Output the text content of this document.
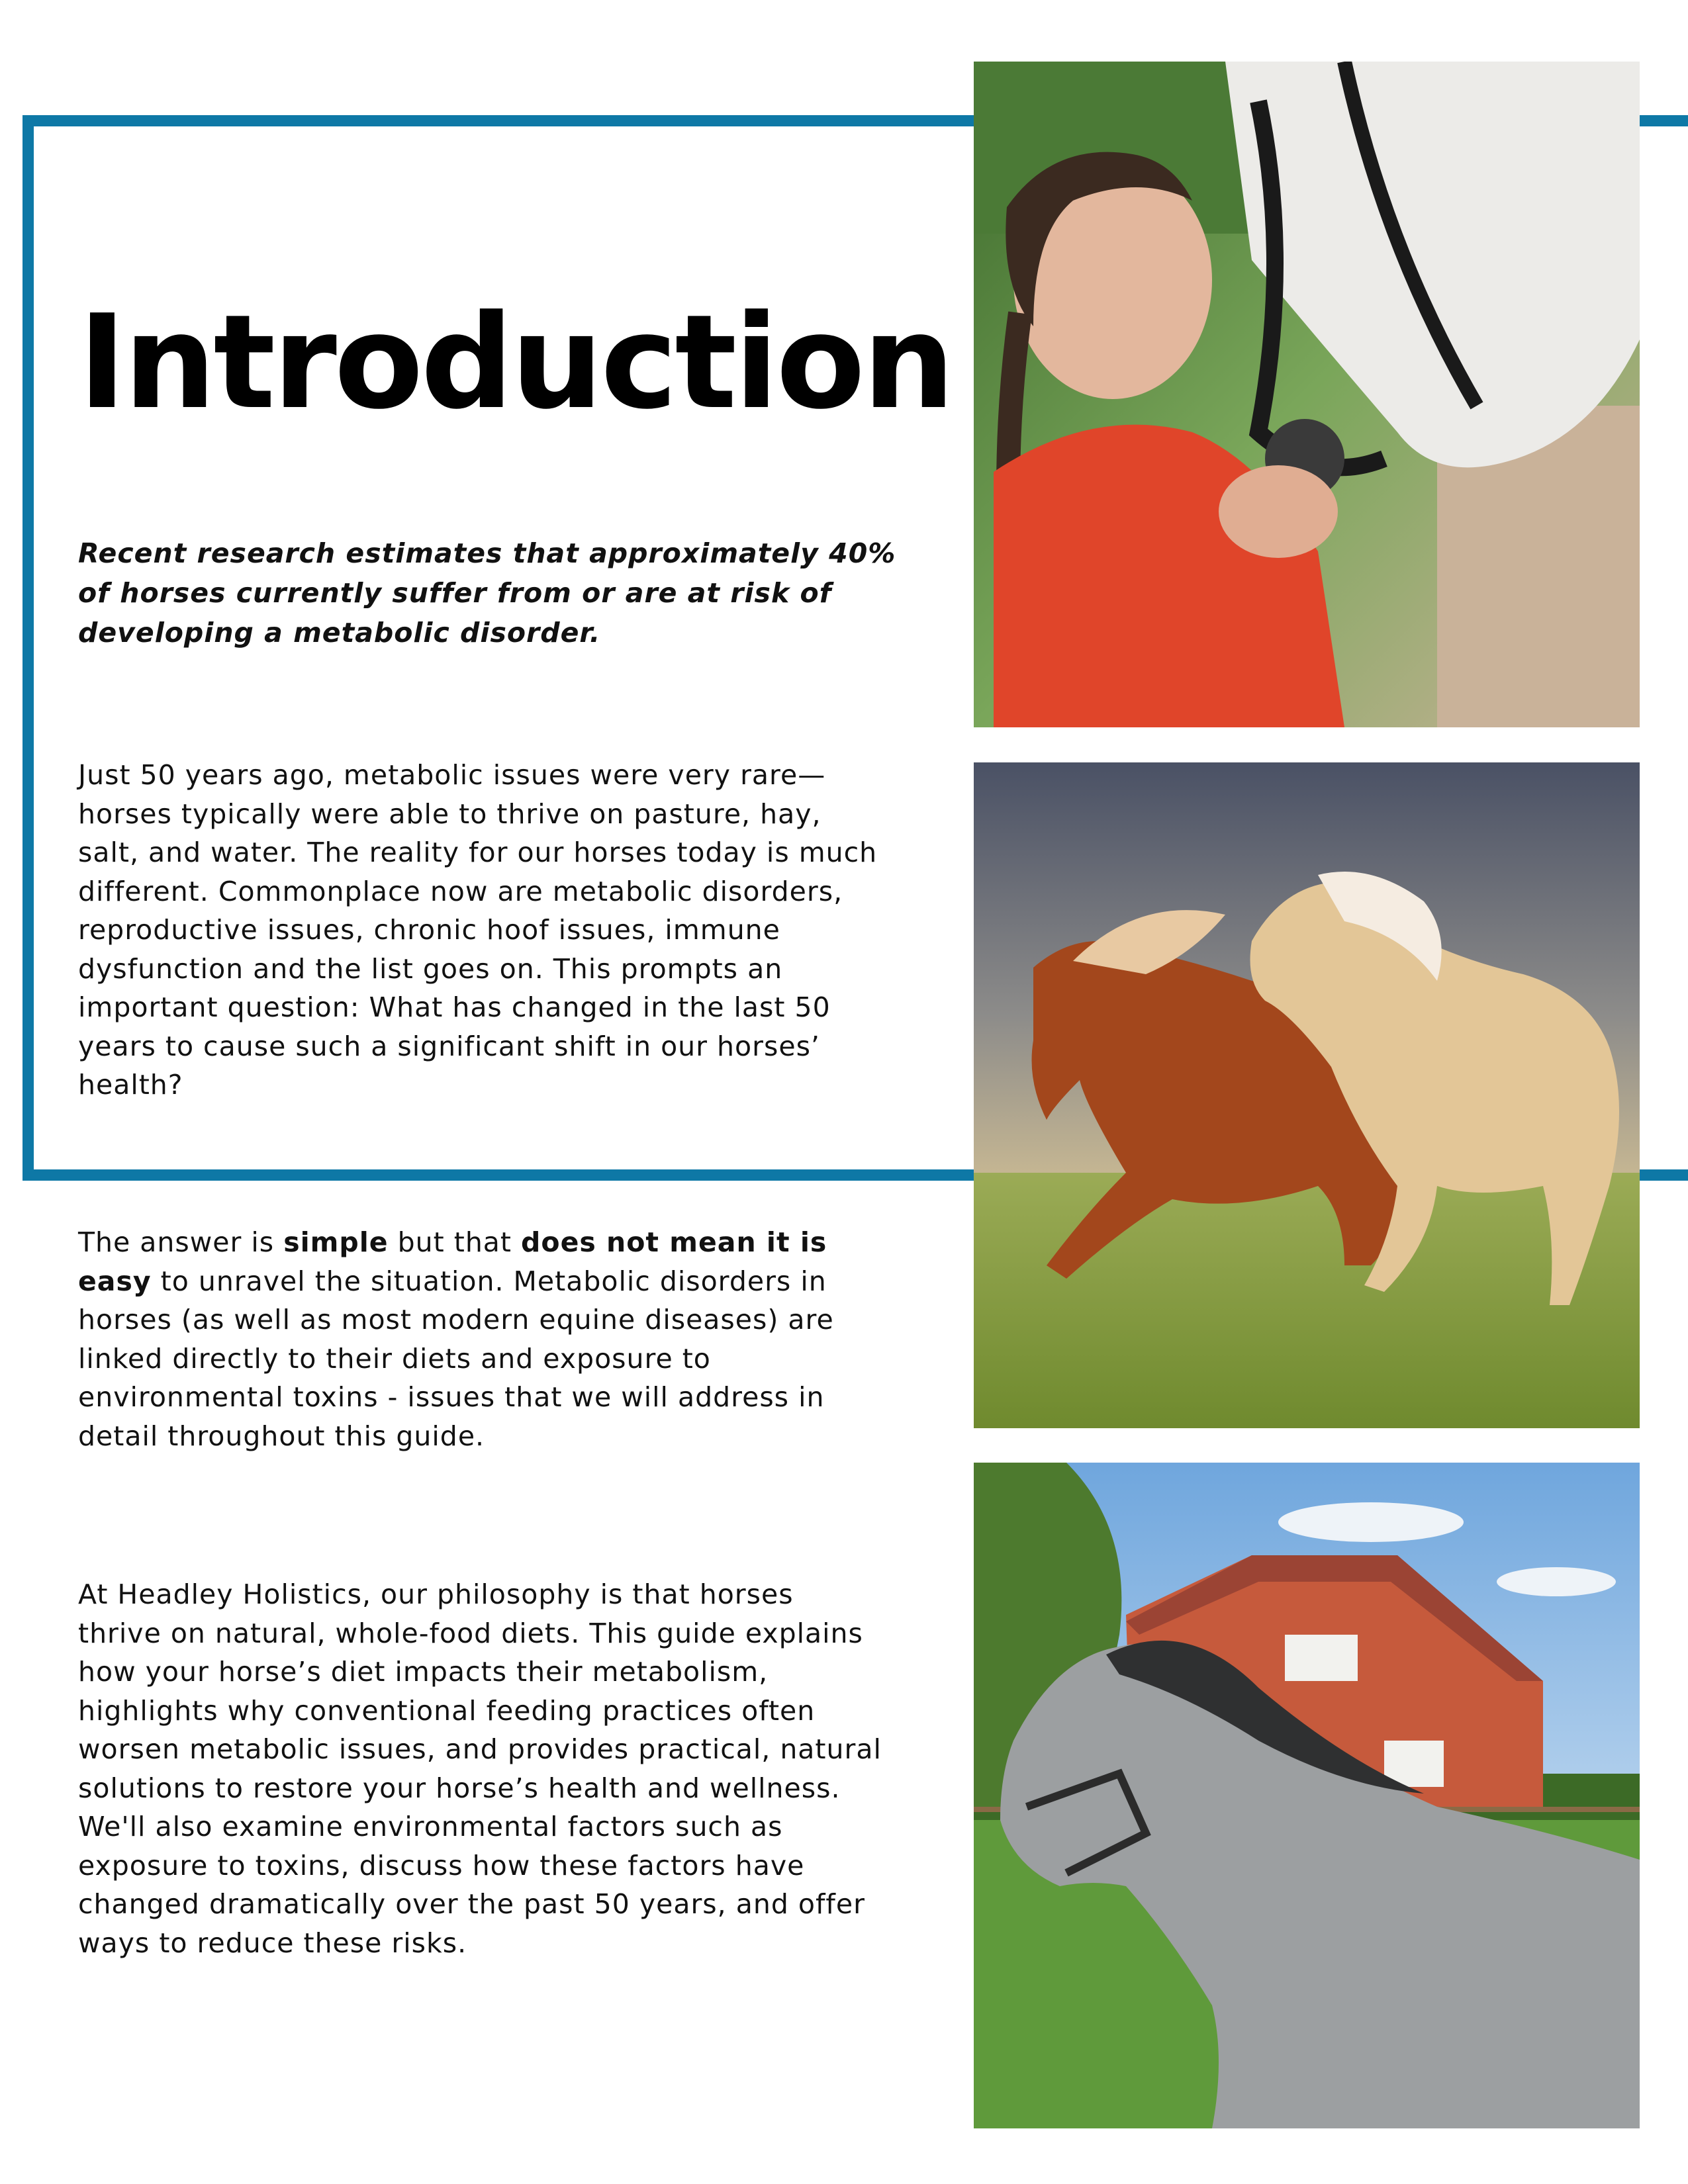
Introduction

Recent research estimates that approximately 40% of horses currently suffer from or are at risk of developing a metabolic disorder.

Just 50 years ago, metabolic issues were very rare—horses typically were able to thrive on pasture, hay, salt, and water. The reality for our horses today is much different. Commonplace now are metabolic disorders, reproductive issues, chronic hoof issues, immune dysfunction and the list goes on. This prompts an important question: What has changed in the last 50 years to cause such a significant shift in our horses’ health?

The answer is simple but that does not mean it is easy to unravel the situation. Metabolic disorders in horses (as well as most modern equine diseases) are linked directly to their diets and exposure to environmental toxins - issues that we will address in detail throughout this guide.

At Headley Holistics, our philosophy is that horses thrive on natural, whole-food diets. This guide explains how your horse’s diet impacts their metabolism, highlights why conventional feeding practices often worsen metabolic issues, and provides practical, natural solutions to restore your horse’s health and wellness. We'll also examine environmental factors such as exposure to toxins, discuss how these factors have changed dramatically over the past 50 years, and offer ways to reduce these risks.
